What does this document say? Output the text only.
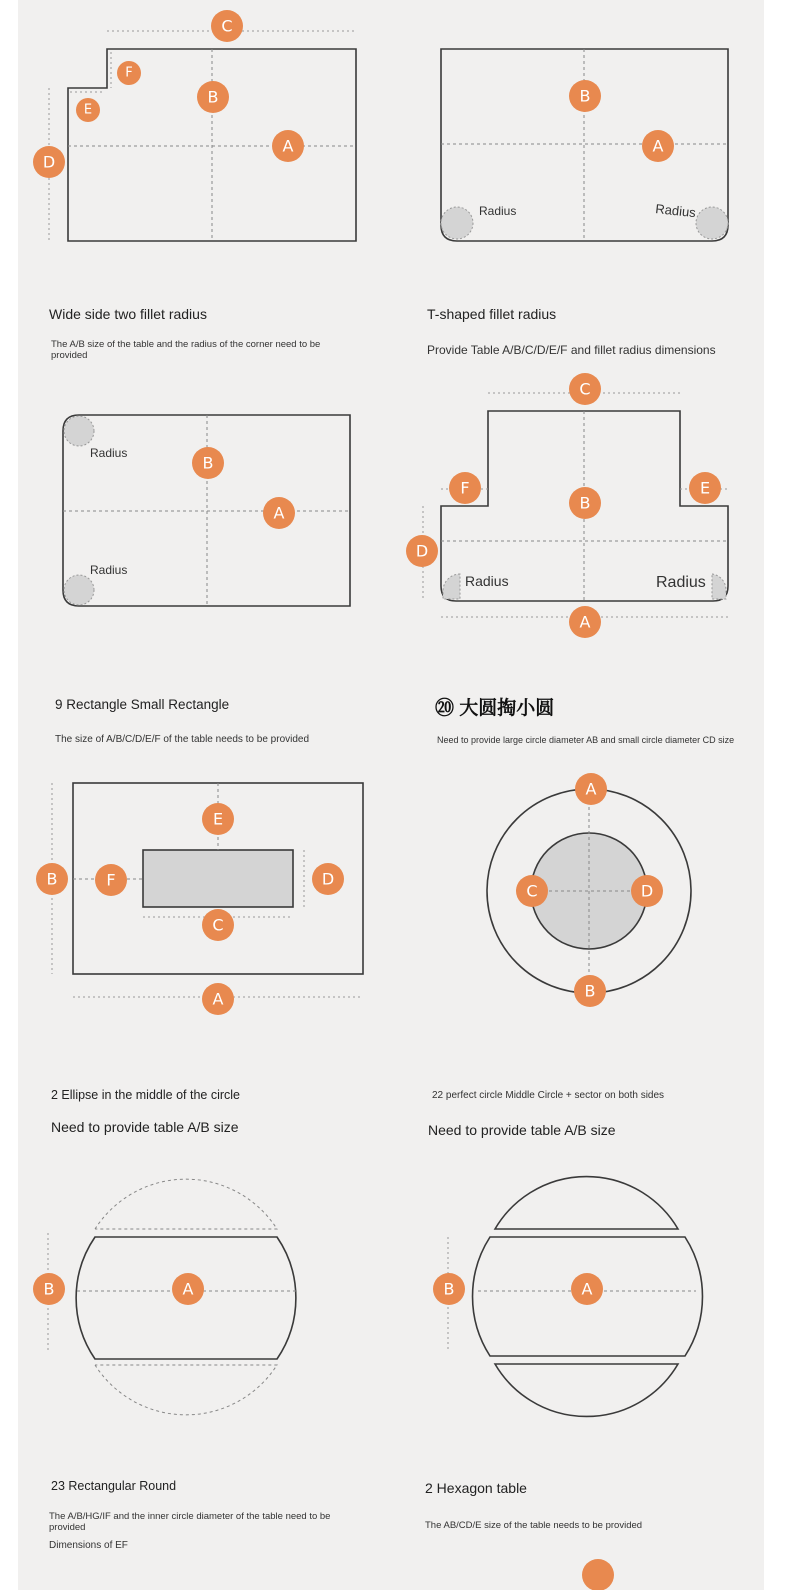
C
F
E
B
A
D
B
A
B
A
C
F	E
B
D
A
E
B	F	D
C
A
A
C	D
B
B	A	B	A
Radius	Radius
Radius
Radius
Radius	Radius

Wide side two fillet radius

The A/B size of the table and the radius of the corner need to be provided

T-shaped fillet radius

Provide Table A/B/C/D/E/F and fillet radius dimensions

9 Rectangle Small Rectangle

The size of A/B/C/D/E/F of the table needs to be provided

⑳ 大圆掏小圆

Need to provide large circle diameter AB and small circle diameter CD size

2 Ellipse in the middle of the circle

Need to provide table A/B size

22 perfect circle Middle Circle + sector on both sides

Need to provide table A/B size

23 Rectangular Round

The A/B/HG/IF and the inner circle diameter of the table need to be provided

Dimensions of EF

2 Hexagon table

The AB/CD/E size of the table needs to be provided
